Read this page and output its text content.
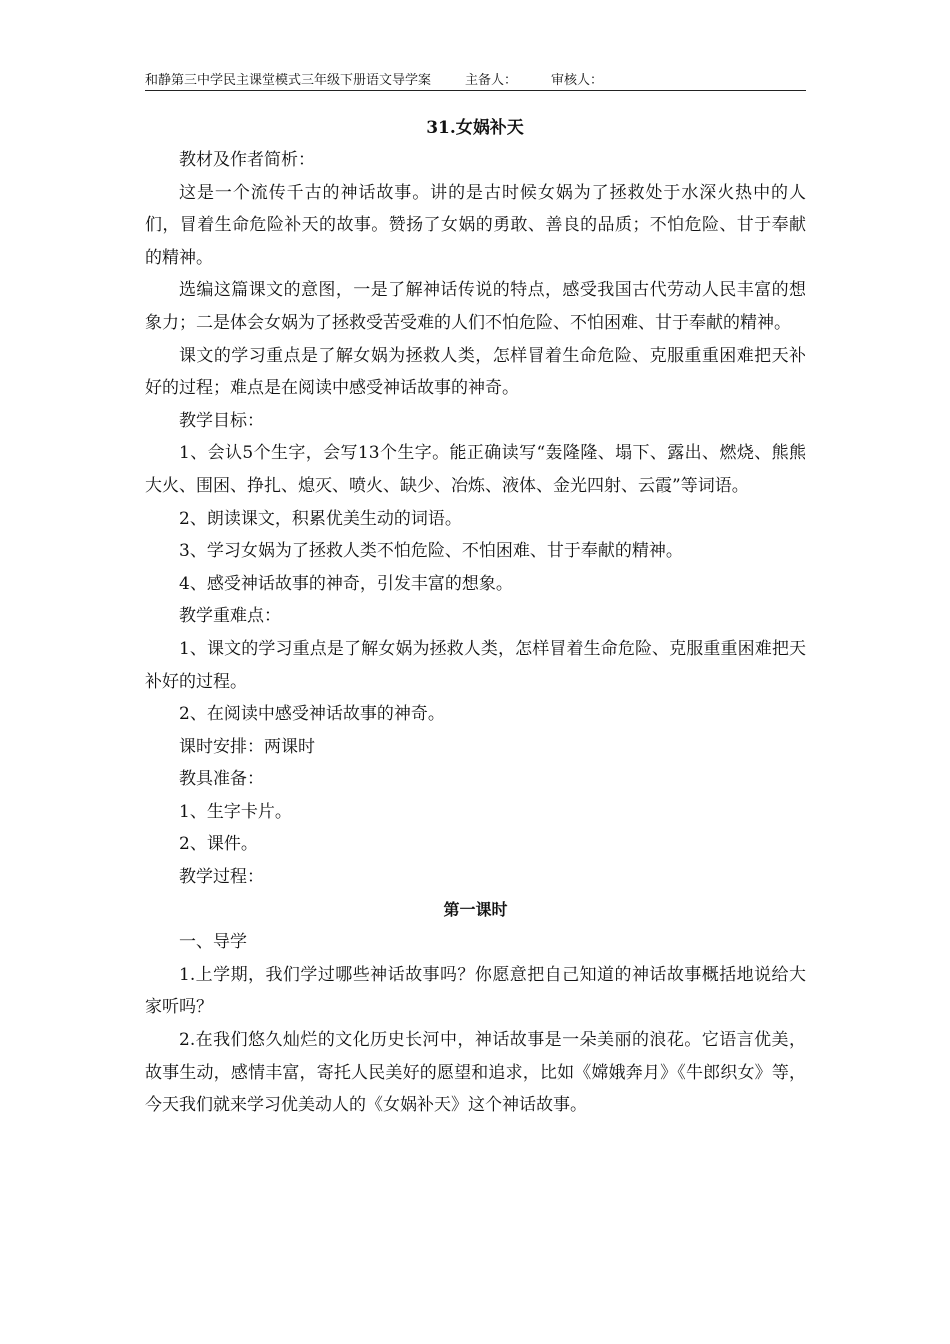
和静第三中学民主课堂模式三年级下册语文导学案	主备人：	审核人：
31.女娲补天

教材及作者简析：

这是一个流传千古的神话故事。讲的是古时候女娲为了拯救处于水深火热中的人们，冒着生命危险补天的故事。赞扬了女娲的勇敢、善良的品质；不怕危险、甘于奉献的精神。

选编这篇课文的意图，一是了解神话传说的特点，感受我国古代劳动人民丰富的想象力；二是体会女娲为了拯救受苦受难的人们不怕危险、不怕困难、甘于奉献的精神。

课文的学习重点是了解女娲为拯救人类，怎样冒着生命危险、克服重重困难把天补好的过程；难点是在阅读中感受神话故事的神奇。

教学目标：

1、会认5个生字，会写13个生字。能正确读写“轰隆隆、塌下、露出、燃烧、熊熊大火、围困、挣扎、熄灭、喷火、缺少、冶炼、液体、金光四射、云霞”等词语。

2、朗读课文，积累优美生动的词语。

3、学习女娲为了拯救人类不怕危险、不怕困难、甘于奉献的精神。

4、感受神话故事的神奇，引发丰富的想象。

教学重难点：

1、课文的学习重点是了解女娲为拯救人类，怎样冒着生命危险、克服重重困难把天补好的过程。

2、在阅读中感受神话故事的神奇。

课时安排：两课时

教具准备：

1、生字卡片。

2、课件。

教学过程：

第一课时

一、导学

1.上学期，我们学过哪些神话故事吗？你愿意把自己知道的神话故事概括地说给大家听吗？

2.在我们悠久灿烂的文化历史长河中，神话故事是一朵美丽的浪花。它语言优美，故事生动，感情丰富，寄托人民美好的愿望和追求，比如《嫦娥奔月》《牛郎织女》等，今天我们就来学习优美动人的《女娲补天》这个神话故事。
